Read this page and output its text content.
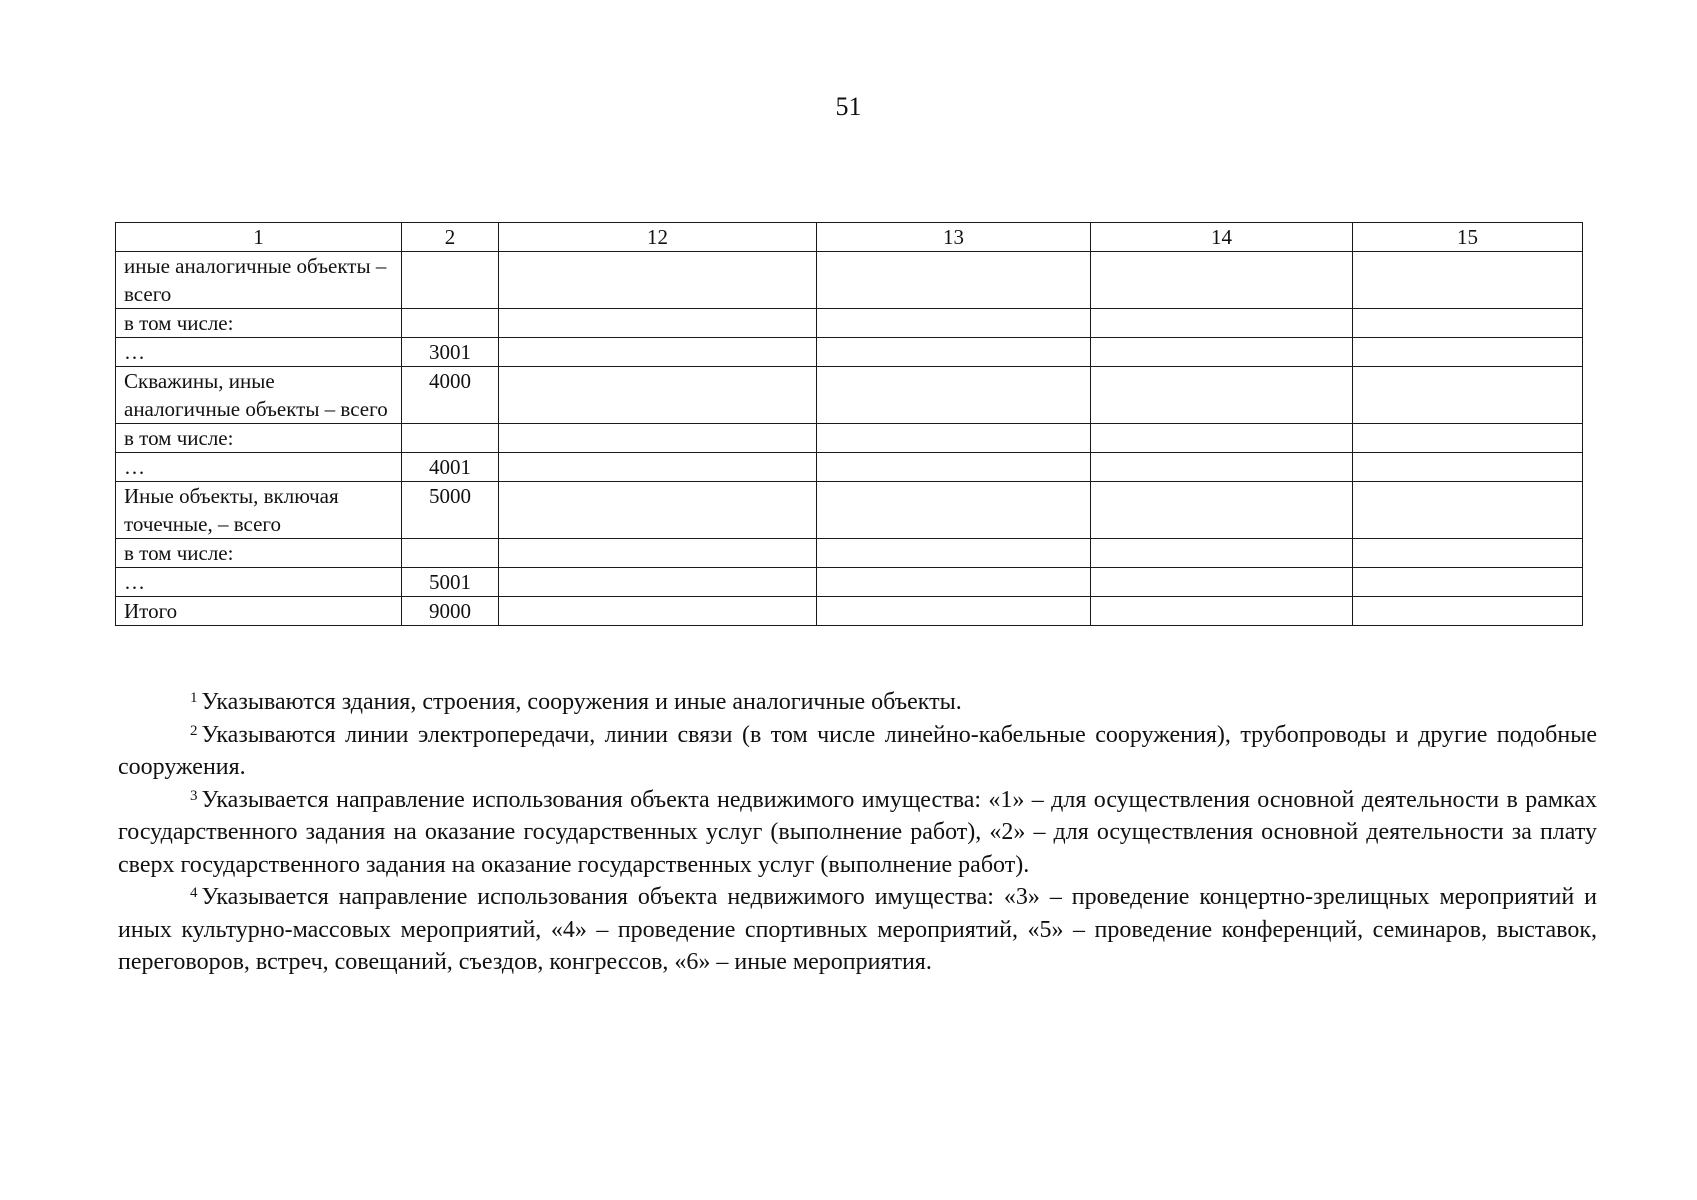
51
1	2	12	13	14	15
иные аналогичные объекты – всего					
в том числе:					
…	3001				
Скважины, иные аналогичные объекты – всего	4000				
в том числе:					
…	4001				
Иные объекты, включая точечные, – всего	5000				
в том числе:					
…	5001				
Итого	9000				

$^1$ Указываются здания, строения, сооружения и иные аналогичные объекты.

$^2$ Указываются линии электропередачи, линии связи (в том числе линейно-кабельные сооружения), трубопроводы и другие подобные сооружения.

$^3$ Указывается направление использования объекта недвижимого имущества: «1» – для осуществления основной деятельности в рамках государственного задания на оказание государственных услуг (выполнение работ), «2» – для осуществления основной деятельности за плату сверх государственного задания на оказание государственных услуг (выполнение работ).

$^4$ Указывается направление использования объекта недвижимого имущества: «3» – проведение концертно-зрелищных мероприятий и иных культурно-массовых мероприятий, «4» – проведение спортивных мероприятий, «5» – проведение конференций, семинаров, выставок, переговоров, встреч, совещаний, съездов, конгрессов, «6» – иные мероприятия.
